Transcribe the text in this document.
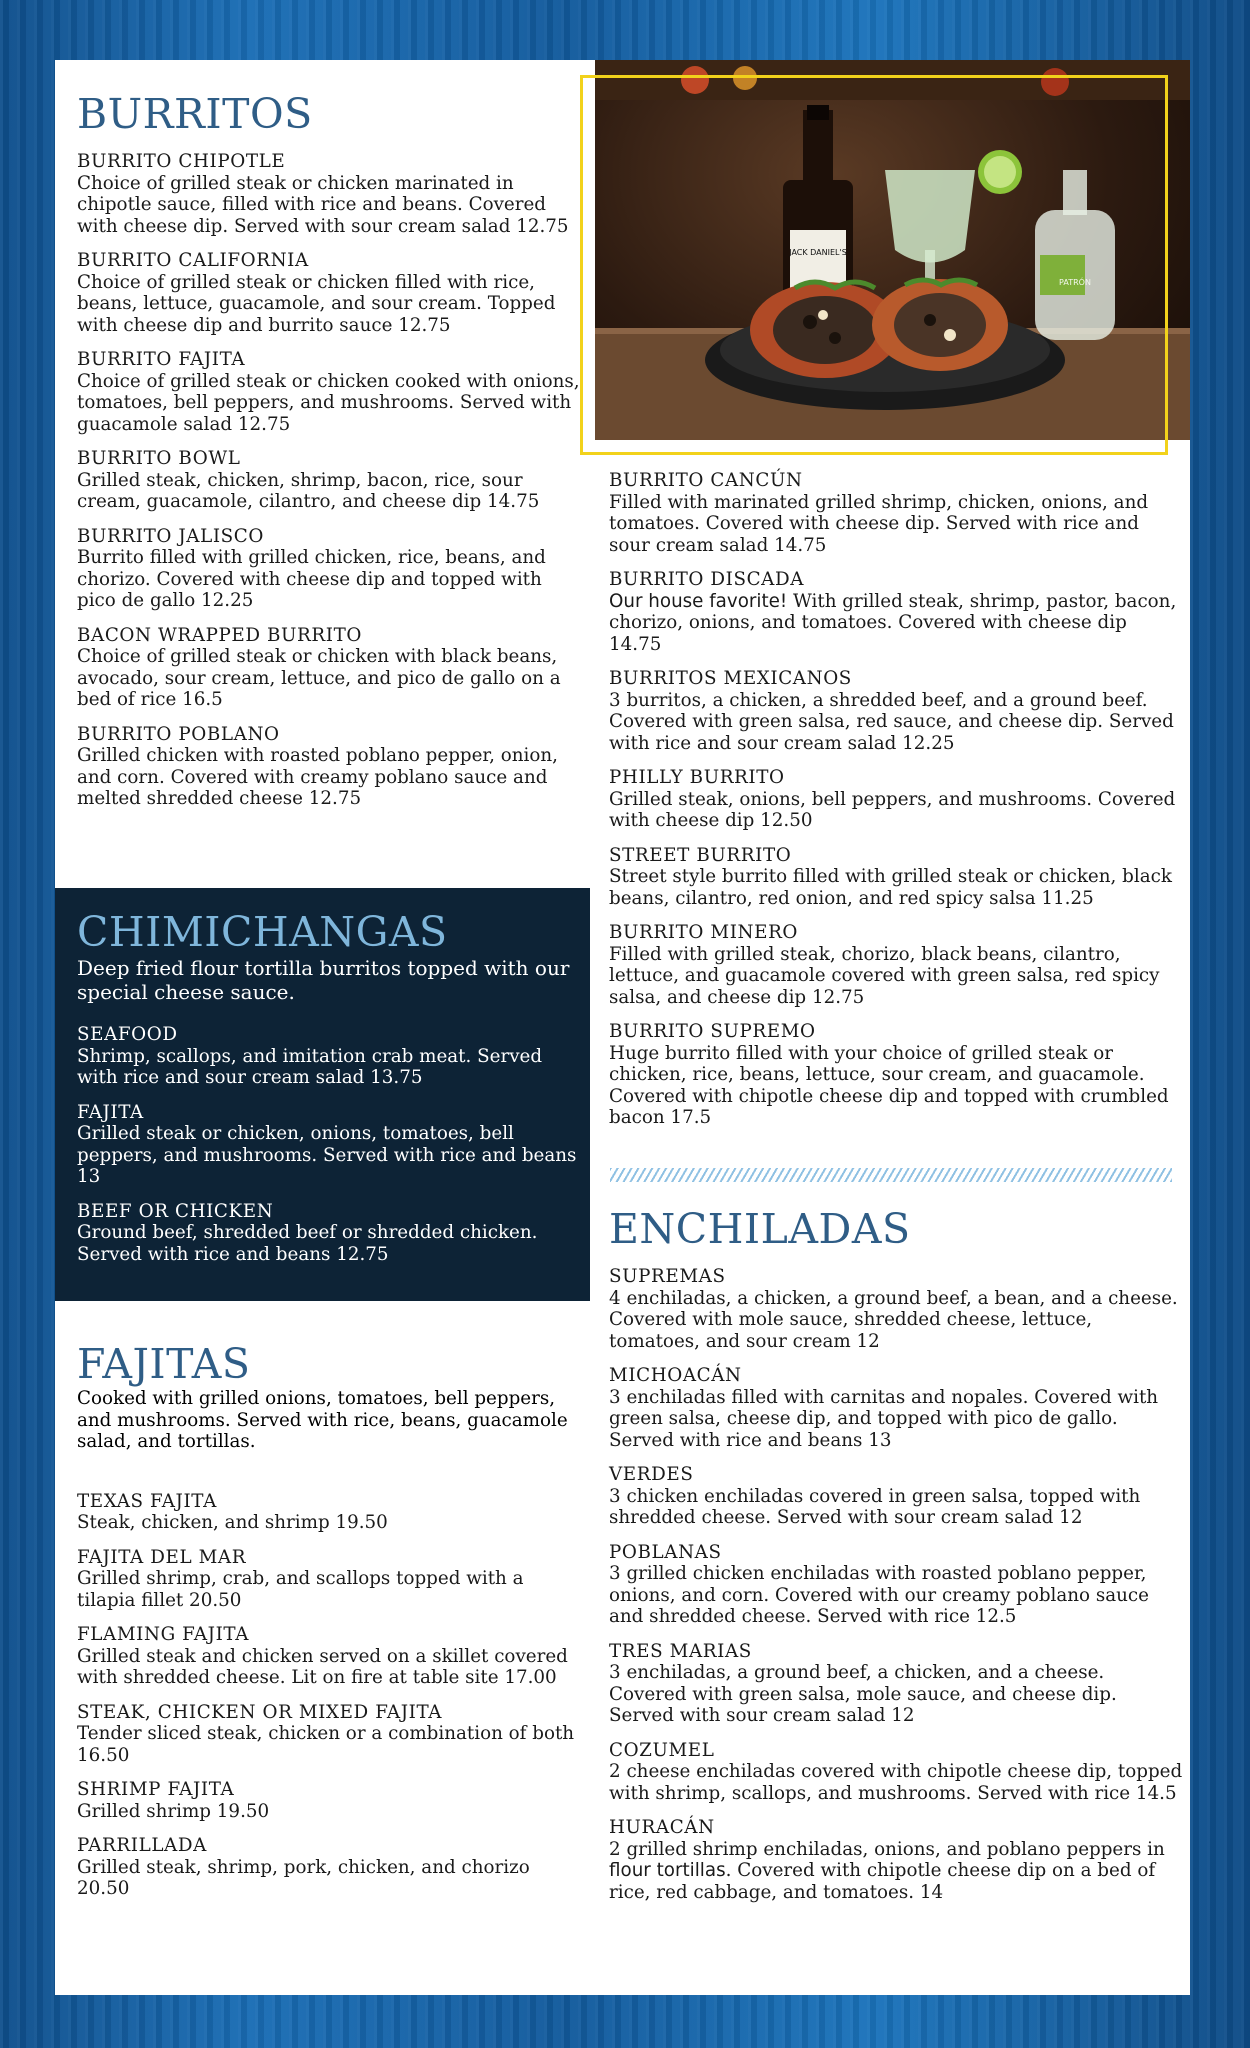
JACK DANIEL'S
PATRÓN
BURRITOS
BURRITO CHIPOTLE
Choice of grilled steak or chicken marinated in chipotle sauce, filled with rice and beans. Covered with cheese dip. Served with sour cream salad 12.75
BURRITO CALIFORNIA
Choice of grilled steak or chicken filled with rice, beans, lettuce, guacamole, and sour cream. Topped with cheese dip and burrito sauce 12.75
BURRITO FAJITA
Choice of grilled steak or chicken cooked with onions, tomatoes, bell peppers, and mushrooms. Served with guacamole salad 12.75
BURRITO BOWL
Grilled steak, chicken, shrimp, bacon, rice, sour cream, guacamole, cilantro, and cheese dip 14.75
BURRITO JALISCO
Burrito filled with grilled chicken, rice, beans, and chorizo. Covered with cheese dip and topped with pico de gallo 12.25
BACON WRAPPED BURRITO
Choice of grilled steak or chicken with black beans, avocado, sour cream, lettuce, and pico de gallo on a bed of rice 16.5
BURRITO POBLANO
Grilled chicken with roasted poblano pepper, onion, and corn. Covered with creamy poblano sauce and melted shredded cheese 12.75
CHIMICHANGAS
Deep fried flour tortilla burritos topped with our special cheese sauce.
SEAFOOD
Shrimp, scallops, and imitation crab meat. Served with rice and sour cream salad 13.75
FAJITA
Grilled steak or chicken, onions, tomatoes, bell peppers, and mushrooms. Served with rice and beans 13
BEEF OR CHICKEN
Ground beef, shredded beef or shredded chicken. Served with rice and beans 12.75
FAJITAS
Cooked with grilled onions, tomatoes, bell peppers, and mushrooms. Served with rice, beans, guacamole salad, and tortillas.
TEXAS FAJITA
Steak, chicken, and shrimp 19.50
FAJITA DEL MAR
Grilled shrimp, crab, and scallops topped with a tilapia fillet 20.50
FLAMING FAJITA
Grilled steak and chicken served on a skillet covered with shredded cheese. Lit on fire at table site 17.00
STEAK, CHICKEN OR MIXED FAJITA
Tender sliced steak, chicken or a combination of both 16.50
SHRIMP FAJITA
Grilled shrimp 19.50
PARRILLADA
Grilled steak, shrimp, pork, chicken, and chorizo 20.50
BURRITO CANCÚN
Filled with marinated grilled shrimp, chicken, onions, and tomatoes. Covered with cheese dip. Served with rice and sour cream salad 14.75
BURRITO DISCADA
Our house favorite! With grilled steak, shrimp, pastor, bacon, chorizo, onions, and tomatoes. Covered with cheese dip 14.75
BURRITOS MEXICANOS
3 burritos, a chicken, a shredded beef, and a ground beef. Covered with green salsa, red sauce, and cheese dip. Served with rice and sour cream salad 12.25
PHILLY BURRITO
Grilled steak, onions, bell peppers, and mushrooms. Covered with cheese dip 12.50
STREET BURRITO
Street style burrito filled with grilled steak or chicken, black beans, cilantro, red onion, and red spicy salsa 11.25
BURRITO MINERO
Filled with grilled steak, chorizo, black beans, cilantro, lettuce, and guacamole covered with green salsa, red spicy salsa, and cheese dip 12.75
BURRITO SUPREMO
Huge burrito filled with your choice of grilled steak or chicken, rice, beans, lettuce, sour cream, and guacamole. Covered with chipotle cheese dip and topped with crumbled bacon 17.5
ENCHILADAS
SUPREMAS
4 enchiladas, a chicken, a ground beef, a bean, and a cheese. Covered with mole sauce, shredded cheese, lettuce, tomatoes, and sour cream 12
MICHOACÁN
3 enchiladas filled with carnitas and nopales. Covered with green salsa, cheese dip, and topped with pico de gallo. Served with rice and beans 13
VERDES
3 chicken enchiladas covered in green salsa, topped with shredded cheese. Served with sour cream salad 12
POBLANAS
3 grilled chicken enchiladas with roasted poblano pepper, onions, and corn. Covered with our creamy poblano sauce and shredded cheese. Served with rice 12.5
TRES MARIAS
3 enchiladas, a ground beef, a chicken, and a cheese. Covered with green salsa, mole sauce, and cheese dip. Served with sour cream salad 12
COZUMEL
2 cheese enchiladas covered with chipotle cheese dip, topped with shrimp, scallops, and mushrooms. Served with rice 14.5
HURACÁN
2 grilled shrimp enchiladas, onions, and poblano peppers in flour tortillas. Covered with chipotle cheese dip on a bed of rice, red cabbage, and tomatoes. 14
